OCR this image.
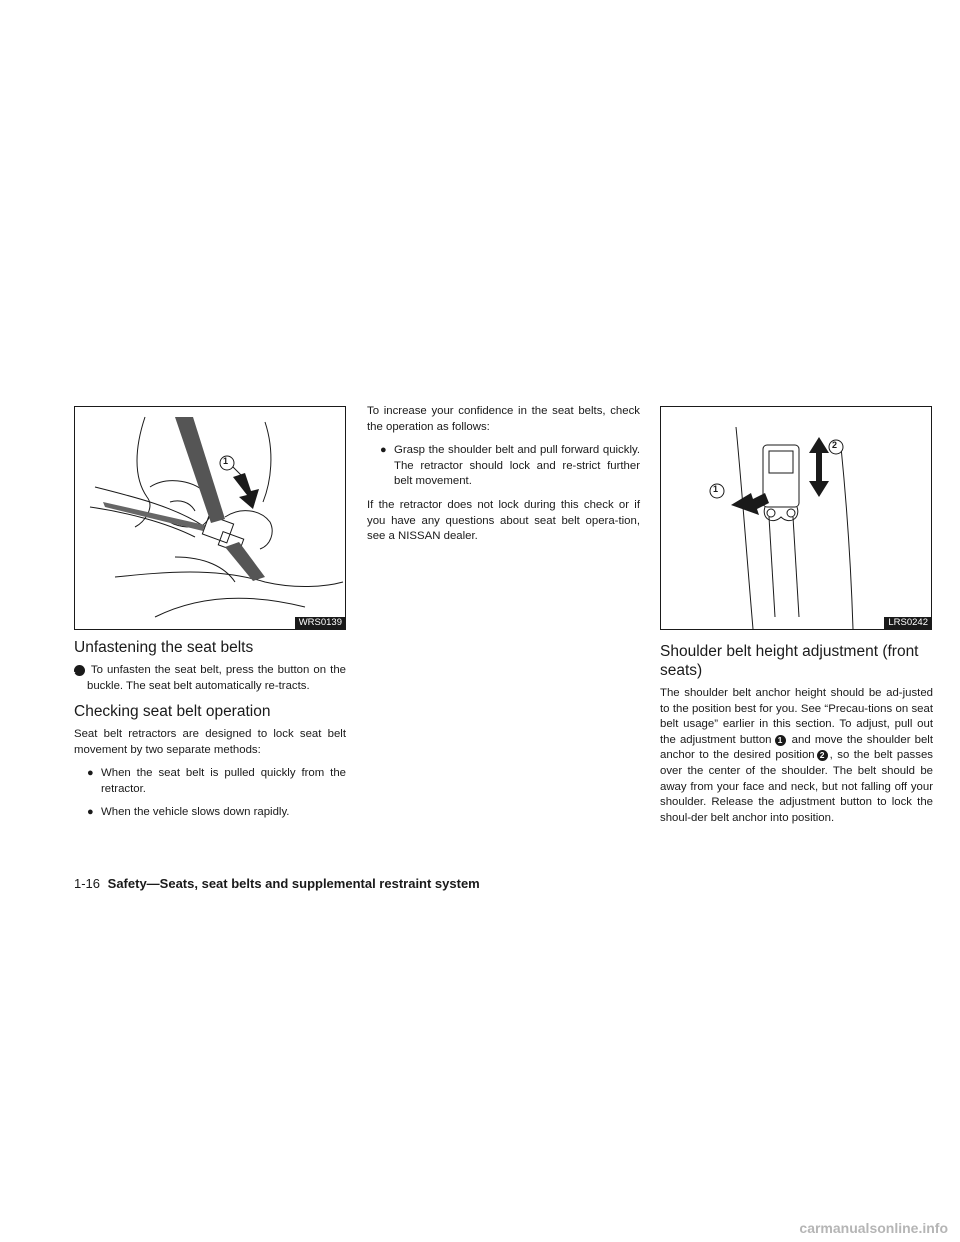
1
WRS0139
Unfastening the seat belts

1 To unfasten the seat belt, press the button on the buckle. The seat belt automatically re-tracts.

Checking seat belt operation

Seat belt retractors are designed to lock seat belt movement by two separate methods:

● When the seat belt is pulled quickly from the retractor.
● When the vehicle slows down rapidly.

To increase your confidence in the seat belts, check the operation as follows:

● Grasp the shoulder belt and pull forward quickly. The retractor should lock and re-strict further belt movement.

If the retractor does not lock during this check or if you have any questions about seat belt opera-tion, see a NISSAN dealer.

1
2
LRS0242
Shoulder belt height adjustment (front seats)

The shoulder belt anchor height should be ad-justed to the position best for you. See “Precau-tions on seat belt usage” earlier in this section. To adjust, pull out the adjustment button 1 and move the shoulder belt anchor to the desired position 2 , so the belt passes over the center of the shoulder. The belt should be away from your face and neck, but not falling off your shoulder. Release the adjustment button to lock the shoul-der belt anchor into position.

1-16 Safety—Seats, seat belts and supplemental restraint system
carmanualsonline.info
